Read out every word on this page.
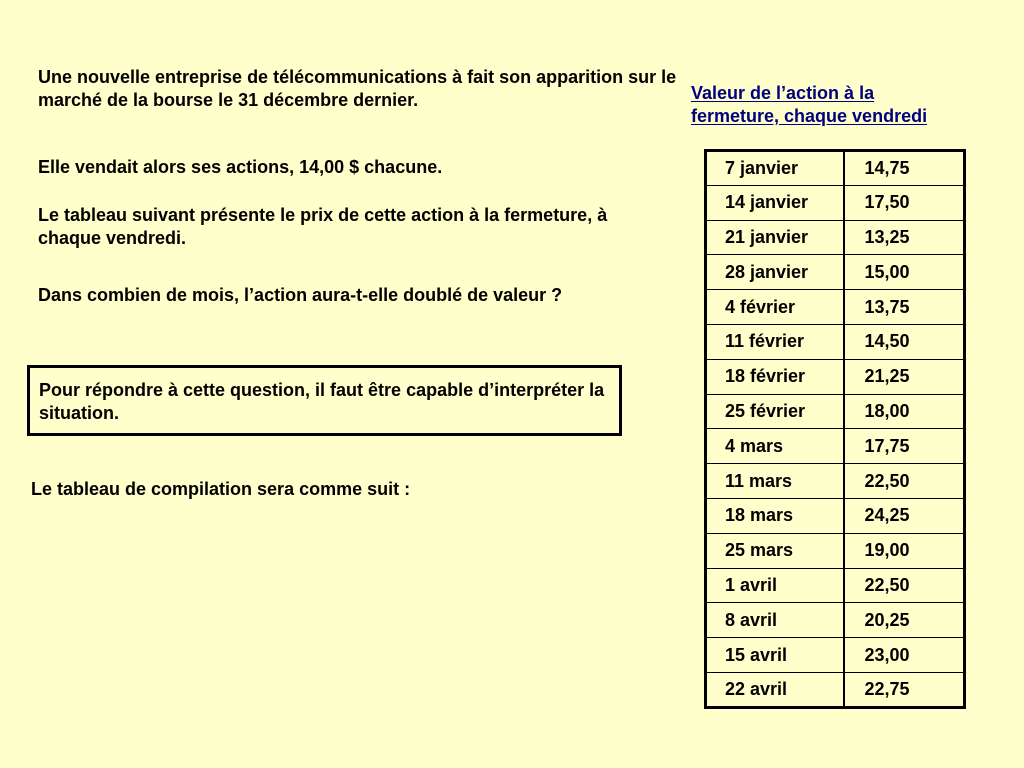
Une nouvelle entreprise de télécommunications à fait son apparition sur le marché de la bourse le 31 décembre dernier.

Elle vendait alors ses actions, 14,00 $ chacune.

Le tableau suivant présente le prix de cette action à la fermeture, à chaque vendredi.

Dans combien de mois, l’action aura-t-elle doublé de valeur ?

Pour répondre à cette question, il faut être capable d’interpréter la situation.

Le tableau de compilation sera comme suit :

Valeur de l’action à la
fermeture, chaque vendredi
7 janvier	14,75
14 janvier	17,50
21 janvier	13,25
28 janvier	15,00
4 février	13,75
11 février	14,50
18 février	21,25
25 février	18,00
4 mars	17,75
11 mars	22,50
18 mars	24,25
25 mars	19,00
1 avril	22,50
8 avril	20,25
15 avril	23,00
22 avril	22,75
